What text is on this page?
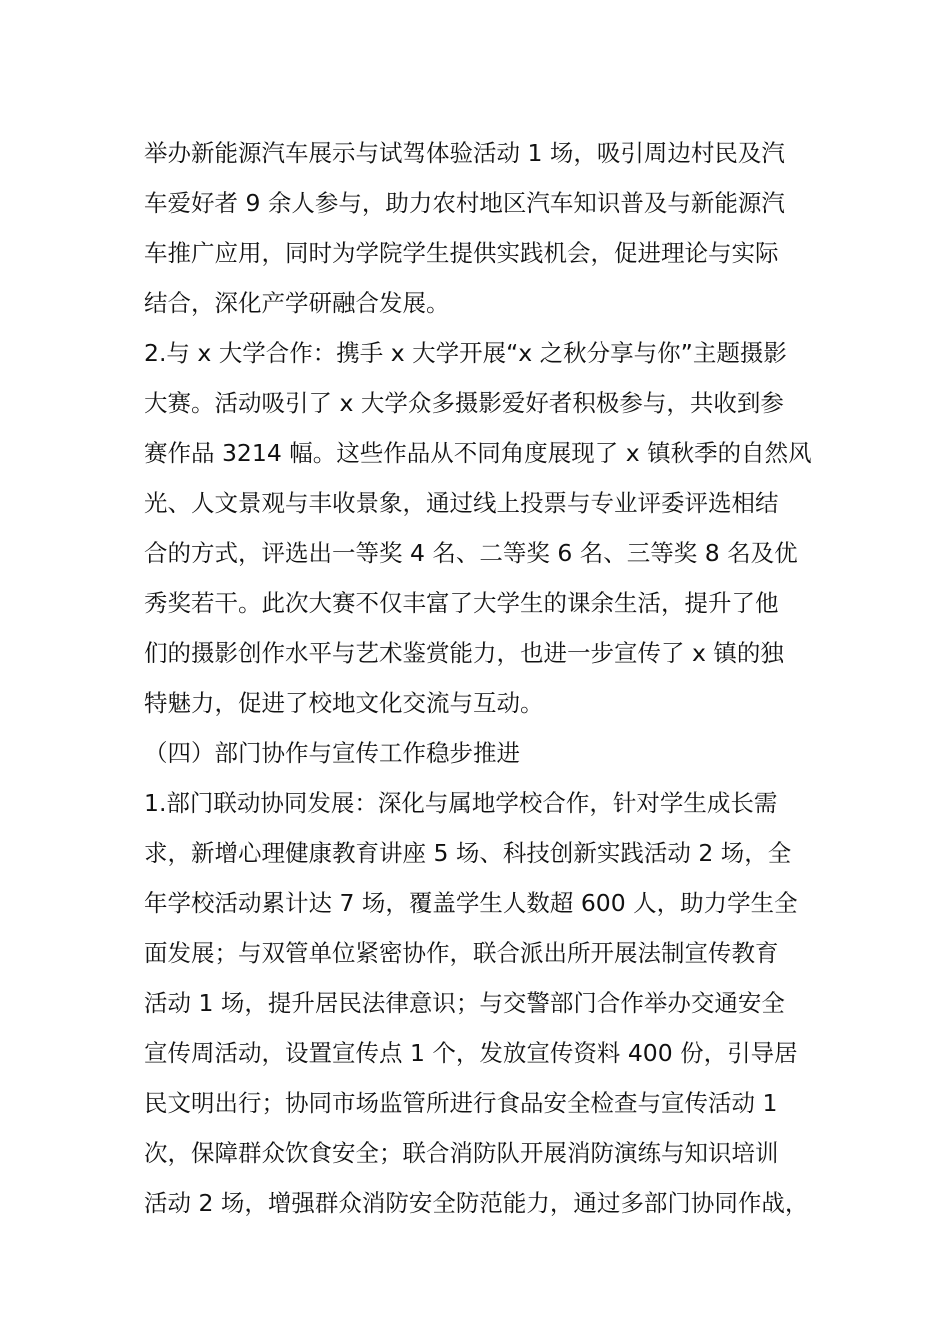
举办新能源汽车展示与试驾体验活动 1 场，吸引周边村民及汽
车爱好者 9 余人参与，助力农村地区汽车知识普及与新能源汽
车推广应用，同时为学院学生提供实践机会，促进理论与实际
结合，深化产学研融合发展。
2.与 x 大学合作：携手 x 大学开展“x 之秋分享与你”主题摄影
大赛。活动吸引了 x 大学众多摄影爱好者积极参与，共收到参
赛作品 3214 幅。这些作品从不同角度展现了 x 镇秋季的自然风
光、人文景观与丰收景象，通过线上投票与专业评委评选相结
合的方式，评选出一等奖 4 名、二等奖 6 名、三等奖 8 名及优
秀奖若干。此次大赛不仅丰富了大学生的课余生活，提升了他
们的摄影创作水平与艺术鉴赏能力，也进一步宣传了 x 镇的独
特魅力，促进了校地文化交流与互动。
（四）部门协作与宣传工作稳步推进
1.部门联动协同发展：深化与属地学校合作，针对学生成长需
求，新增心理健康教育讲座 5 场、科技创新实践活动 2 场，全
年学校活动累计达 7 场，覆盖学生人数超 600 人，助力学生全
面发展；与双管单位紧密协作，联合派出所开展法制宣传教育
活动 1 场，提升居民法律意识；与交警部门合作举办交通安全
宣传周活动，设置宣传点 1 个，发放宣传资料 400 份，引导居
民文明出行；协同市场监管所进行食品安全检查与宣传活动 1
次，保障群众饮食安全；联合消防队开展消防演练与知识培训
活动 2 场，增强群众消防安全防范能力，通过多部门协同作战，
